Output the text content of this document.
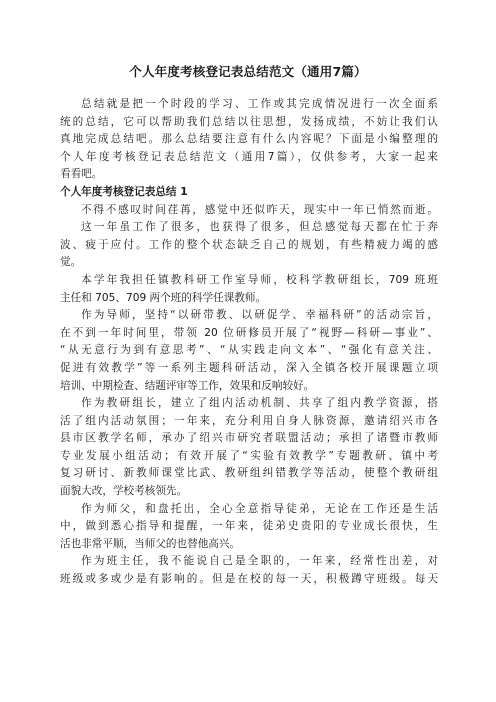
个人年度考核登记表总结范文（通用7篇）
总结就是把一个时段的学习、工作或其完成情况进行一次全面系
统的总结，它可以帮助我们总结以往思想，发扬成绩，不妨让我们认
真地完成总结吧。那么总结要注意有什么内容呢？下面是小编整理的
个人年度考核登记表总结范文（通用7篇），仅供参考，大家一起来
看看吧。
个人年度考核登记表总结 1
不得不感叹时间荏苒，感觉中还似昨天，现实中一年已悄然而逝。
这一年虽工作了很多，也获得了很多，但总感觉每天都在忙于奔
波、疲于应付。工作的整个状态缺乏自己的规划，有些精疲力竭的感
觉。
本学年我担任镇教科研工作室导师，校科学教研组长，709 班班
主任和 705、709 两个班的科学任课教师。
作为导师，坚持“以研带教、以研促学、幸福科研”的活动宗旨，
在不到一年时间里，带领 20 位研修员开展了“视野—科研—事业”、
“从无意行为到有意思考”、“从实践走向文本”、“强化有意关注、
促进有效教学”等一系列主题科研活动，深入全镇各校开展课题立项
培训、中期检查、结题评审等工作，效果和反响较好。
作为教研组长，建立了组内活动机制、共享了组内教学资源，搭
活了组内活动氛围；一年来，充分利用自身人脉资源，邀请绍兴市各
县市区教学名师，承办了绍兴市研究者联盟活动；承担了诸暨市教师
专业发展小组活动；有效开展了“实验有效教学”专题教研、镇中考
复习研讨、新教师课堂比武、教研组纠错教学等活动，使整个教研组
面貌大改，学校考核领先。
作为师父，和盘托出，全心全意指导徒弟，无论在工作还是生活
中，做到悉心指导和提醒，一年来，徒弟史贵阳的专业成长很快，生
活也非常平顺，当师父的也替他高兴。
作为班主任，我不能说自己是全职的，一年来，经常性出差，对
班级或多或少是有影响的。但是在校的每一天，积极蹲守班级。每天
